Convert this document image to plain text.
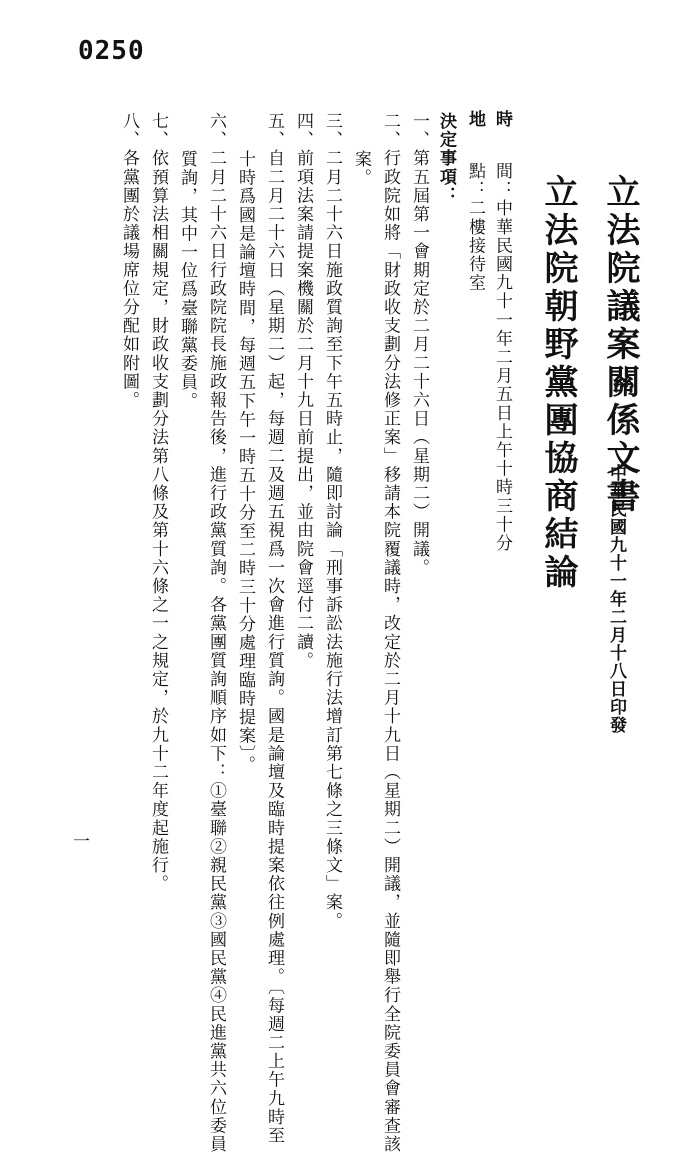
0250
立法院議案關係文書
中華民國九十一年二月十八日印發
立法院朝野黨團協商結論
時
間：中華民國九十一年二月五日上午十時三十分
地
點：二樓接待室
決定事項：
一、第五屆第一會期定於二月二十六日（星期二）開議。
二、行政院如將「財政收支劃分法修正案」移請本院覆議時，改定於二月十九日（星期二）開議，並隨即舉行全院委員會審查該
案。
三、二月二十六日施政質詢至下午五時止，隨即討論「刑事訴訟法施行法增訂第七條之三條文」案。
四、前項法案請提案機關於二月十九日前提出，並由院會逕付二讀。
五、自二月二十六日（星期二）起，每週二及週五視爲一次會進行質詢。國是論壇及臨時提案依往例處理。〔每週二上午九時至
十時爲國是論壇時間，每週五下午一時五十分至二時三十分處理臨時提案〕。
六、二月二十六日行政院院長施政報告後，進行政黨質詢。各黨團質詢順序如下：①臺聯②親民黨③國民黨④民進黨共六位委員
質詢，其中一位爲臺聯黨委員。
七、依預算法相關規定，財政收支劃分法第八條及第十六條之一之規定，於九十二年度起施行。
八、各黨團於議場席位分配如附圖。
一
